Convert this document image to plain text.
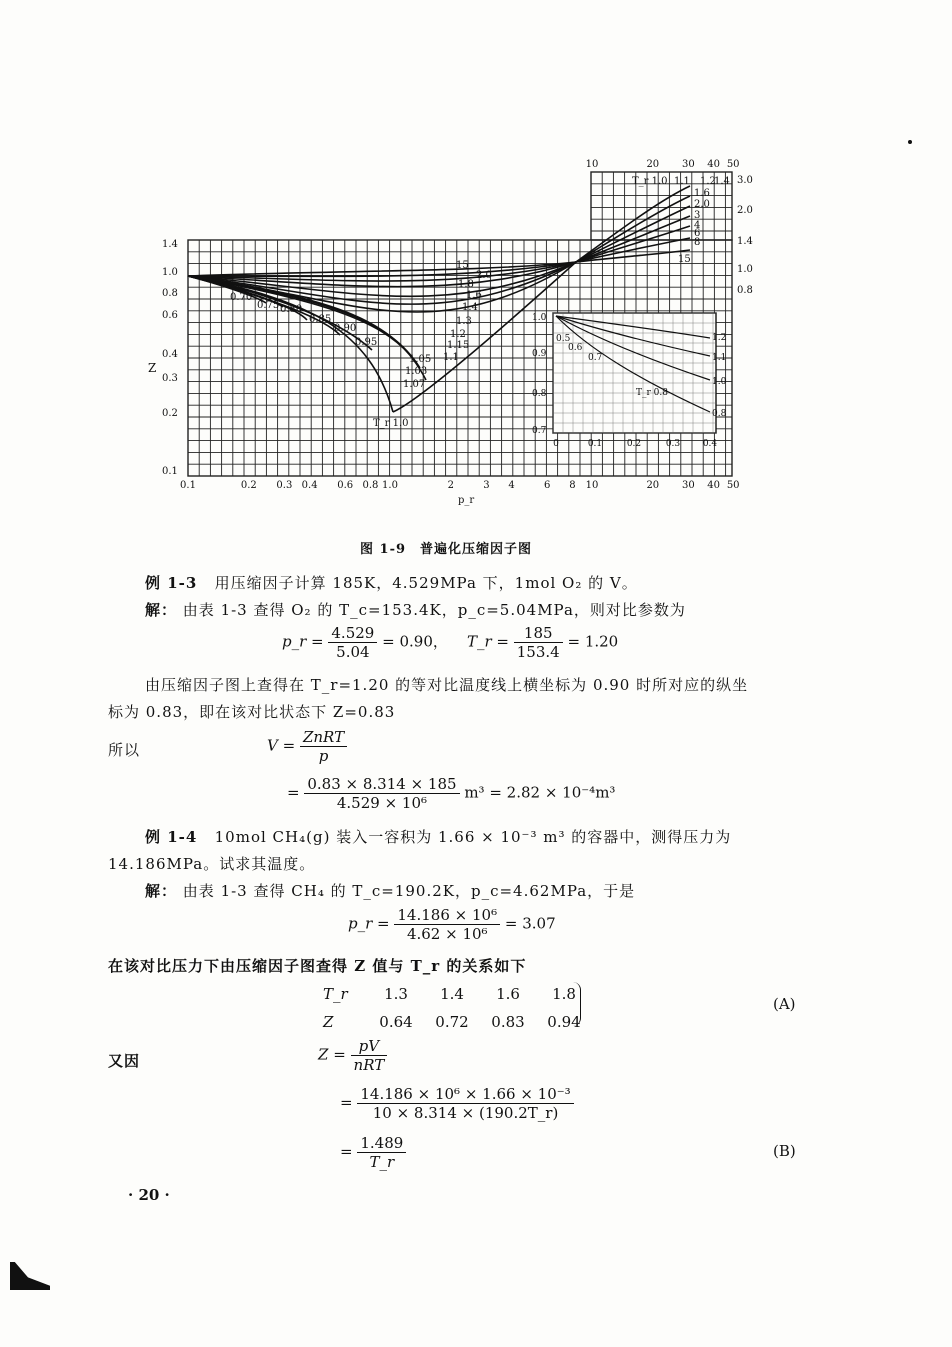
0.1	0.2 0.3 0.4 0.6 0.8 1.0	2	3 4	6 8 10	20 30 40 50
10	20 30 40 50
1.4
1.0
0.8
0.6
0.4
0.3
0.2
0.1
Z
p_r
3.0
2.0
1.4
1.0
0.8
0.70
0.75 0.80
0.85
0.90
0.95
1.05
1.03
1.07
T_r 1.0
15
2.0
1.8
1.6
1.4
1.3
1.2
1.15
1.1
T_r 1.0 1.1 1.2
1.4
1.6
2.0
3
4
6
8
15
1.0
0.9
0.8
0.7
0	0.1	0.2	0.3	0.4
0.5
0.6
0.7
T_r 0.8
1.2
1.1
1.0
0.8
图 1-9　普遍化压缩因子图
例 1-3 用压缩因子计算 185K，4.529MPa 下，1mol O₂ 的 V。
解： 由表 1-3 查得 O₂ 的 T_c=153.4K，p_c=5.04MPa，则对比参数为
p_r = $\frac{4.529}{5.04} = 0.90$， T_r = $\frac{185}{153.4} = 1.20$
由压缩因子图上查得在 T_r=1.20 的等对比温度线上横坐标为 0.90 时所对应的纵坐
标为 0.83，即在该对比状态下 Z=0.83
所以	$V = \frac{\text{ZnRT}}{p}$
= $\frac{0.83 \times 8.314 \times 185}{\text{4.529 × 10⁶}} m^3 = 2.82 \times 10^{-4}m^3$
例 1-4 10mol CH₄(g) 装入一容积为 1.66 × 10⁻³ m³ 的容器中，测得压力为
14.186MPa。试求其温度。
解： 由表 1-3 查得 CH₄ 的 T_c=190.2K，p_c=4.62MPa，于是
p_r = $\frac{\text{14.186 × 10⁶}}{\text{4.62 × 10⁶}} = 3.07$
在该对比压力下由压缩因子图查得 Z 值与 T_r 的关系如下
T_r	1.3	1.4	1.6	1.8
Z	0.64	0.72	0.83	0.94
(A)
又因	$Z = \frac{pV}{\text{nRT}}$
= $\frac{\text{14.186 × 10⁶ × 1.66 × 10⁻³}}{10 \times 8.314 \times (190.2T\_r)}$
= $\frac{1.489}{T\_r}$	(B)
· 20 ·
